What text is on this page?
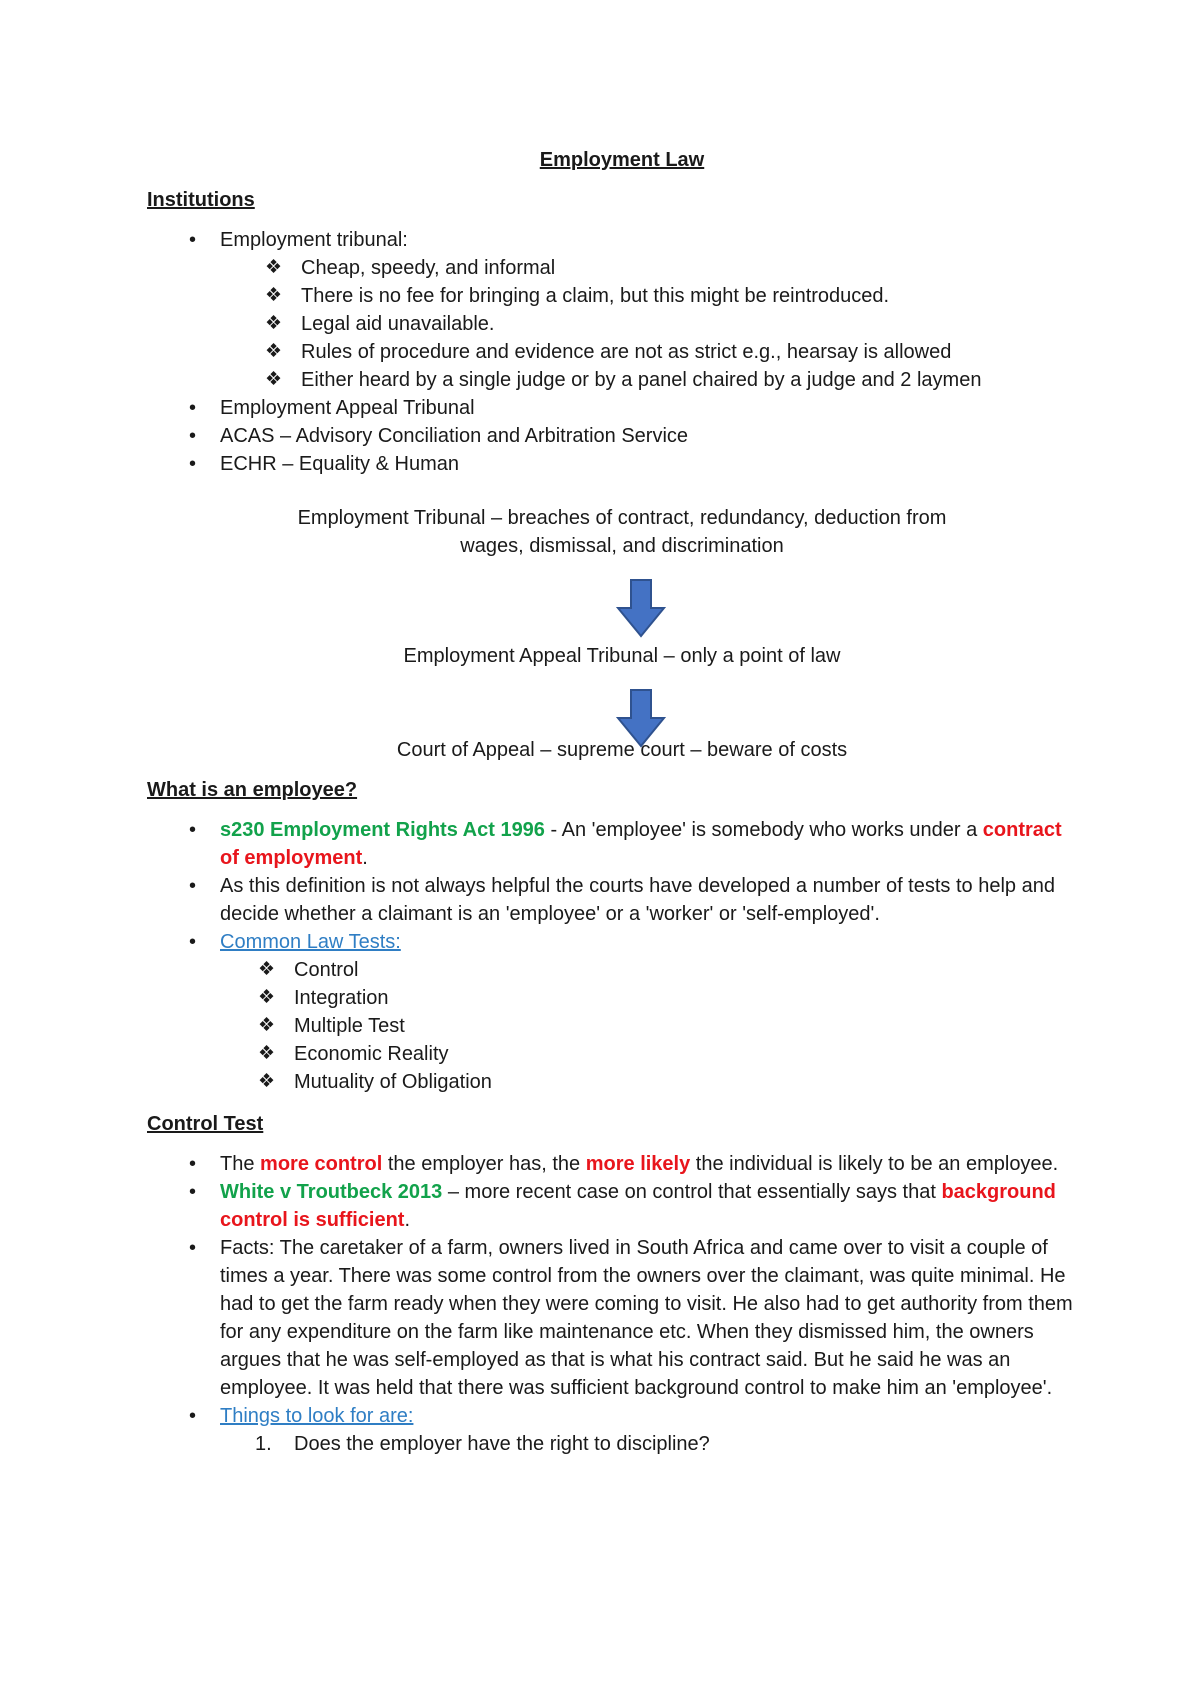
Employment Law
Institutions
• Employment tribunal:
❖ Cheap, speedy, and informal
❖ There is no fee for bringing a claim, but this might be reintroduced.
❖ Legal aid unavailable.
❖ Rules of procedure and evidence are not as strict e.g., hearsay is allowed
❖ Either heard by a single judge or by a panel chaired by a judge and 2 laymen
• Employment Appeal Tribunal
• ACAS – Advisory Conciliation and Arbitration Service
• ECHR – Equality & Human
Employment Tribunal – breaches of contract, redundancy, deduction from wages, dismissal, and discrimination
Employment Appeal Tribunal – only a point of law
Court of Appeal – supreme court – beware of costs
What is an employee?
• s230 Employment Rights Act 1996 - An 'employee' is somebody who works under a contract of employment.
• As this definition is not always helpful the courts have developed a number of tests to help and decide whether a claimant is an 'employee' or a 'worker' or 'self-employed'.
• Common Law Tests:
❖ Control
❖ Integration
❖ Multiple Test
❖ Economic Reality
❖ Mutuality of Obligation
Control Test
• The more control the employer has, the more likely the individual is likely to be an employee.
• White v Troutbeck 2013 – more recent case on control that essentially says that background control is sufficient.
• Facts: The caretaker of a farm, owners lived in South Africa and came over to visit a couple of times a year. There was some control from the owners over the claimant, was quite minimal. He had to get the farm ready when they were coming to visit. He also had to get authority from them for any expenditure on the farm like maintenance etc. When they dismissed him, the owners argues that he was self-employed as that is what his contract said. But he said he was an employee. It was held that there was sufficient background control to make him an 'employee'.
• Things to look for are:
1. Does the employer have the right to discipline?
